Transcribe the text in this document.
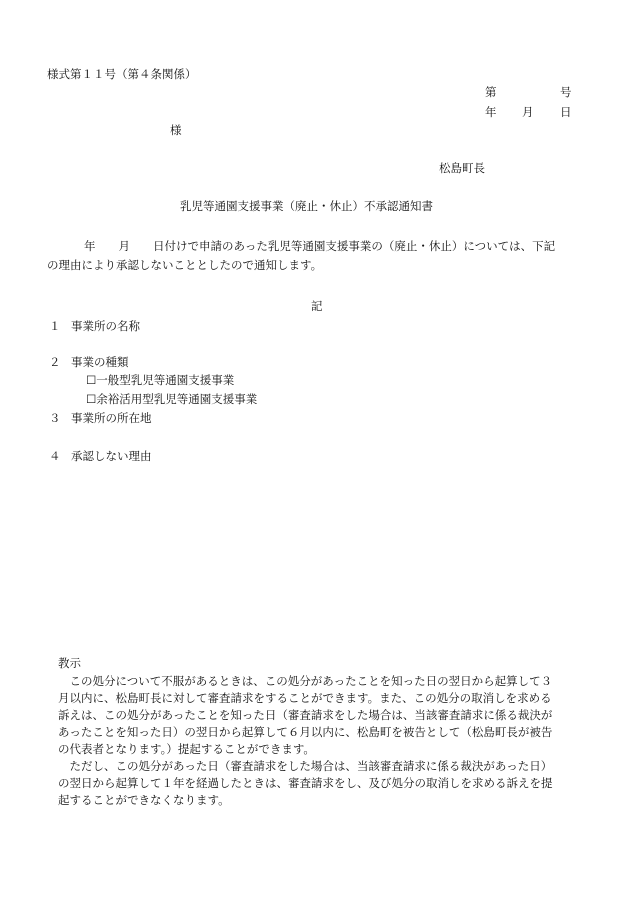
様式第１１号（第４条関係）
第	号
年 月 日
様
松島町長
乳児等通園支援事業（廃止・休止）不承認通知書
年　　月　　日付けで申請のあった乳児等通園支援事業の（廃止・休止）については、下記
の理由により承認しないこととしたので通知します。
記
１ 事業所の名称
２ 事業の種類
☐一般型乳児等通園支援事業
☐余裕活用型乳児等通園支援事業
３ 事業所の所在地
４ 承認しない理由
教示
　この処分について不服があるときは、この処分があったことを知った日の翌日から起算して３
月以内に、松島町長に対して審査請求をすることができます。また、この処分の取消しを求める
訴えは、この処分があったことを知った日（審査請求をした場合は、当該審査請求に係る裁決が
あったことを知った日）の翌日から起算して６月以内に、松島町を被告として（松島町長が被告
の代表者となります。）提起することができます。
　ただし、この処分があった日（審査請求をした場合は、当該審査請求に係る裁決があった日）
の翌日から起算して１年を経過したときは、審査請求をし、及び処分の取消しを求める訴えを提
起することができなくなります。
